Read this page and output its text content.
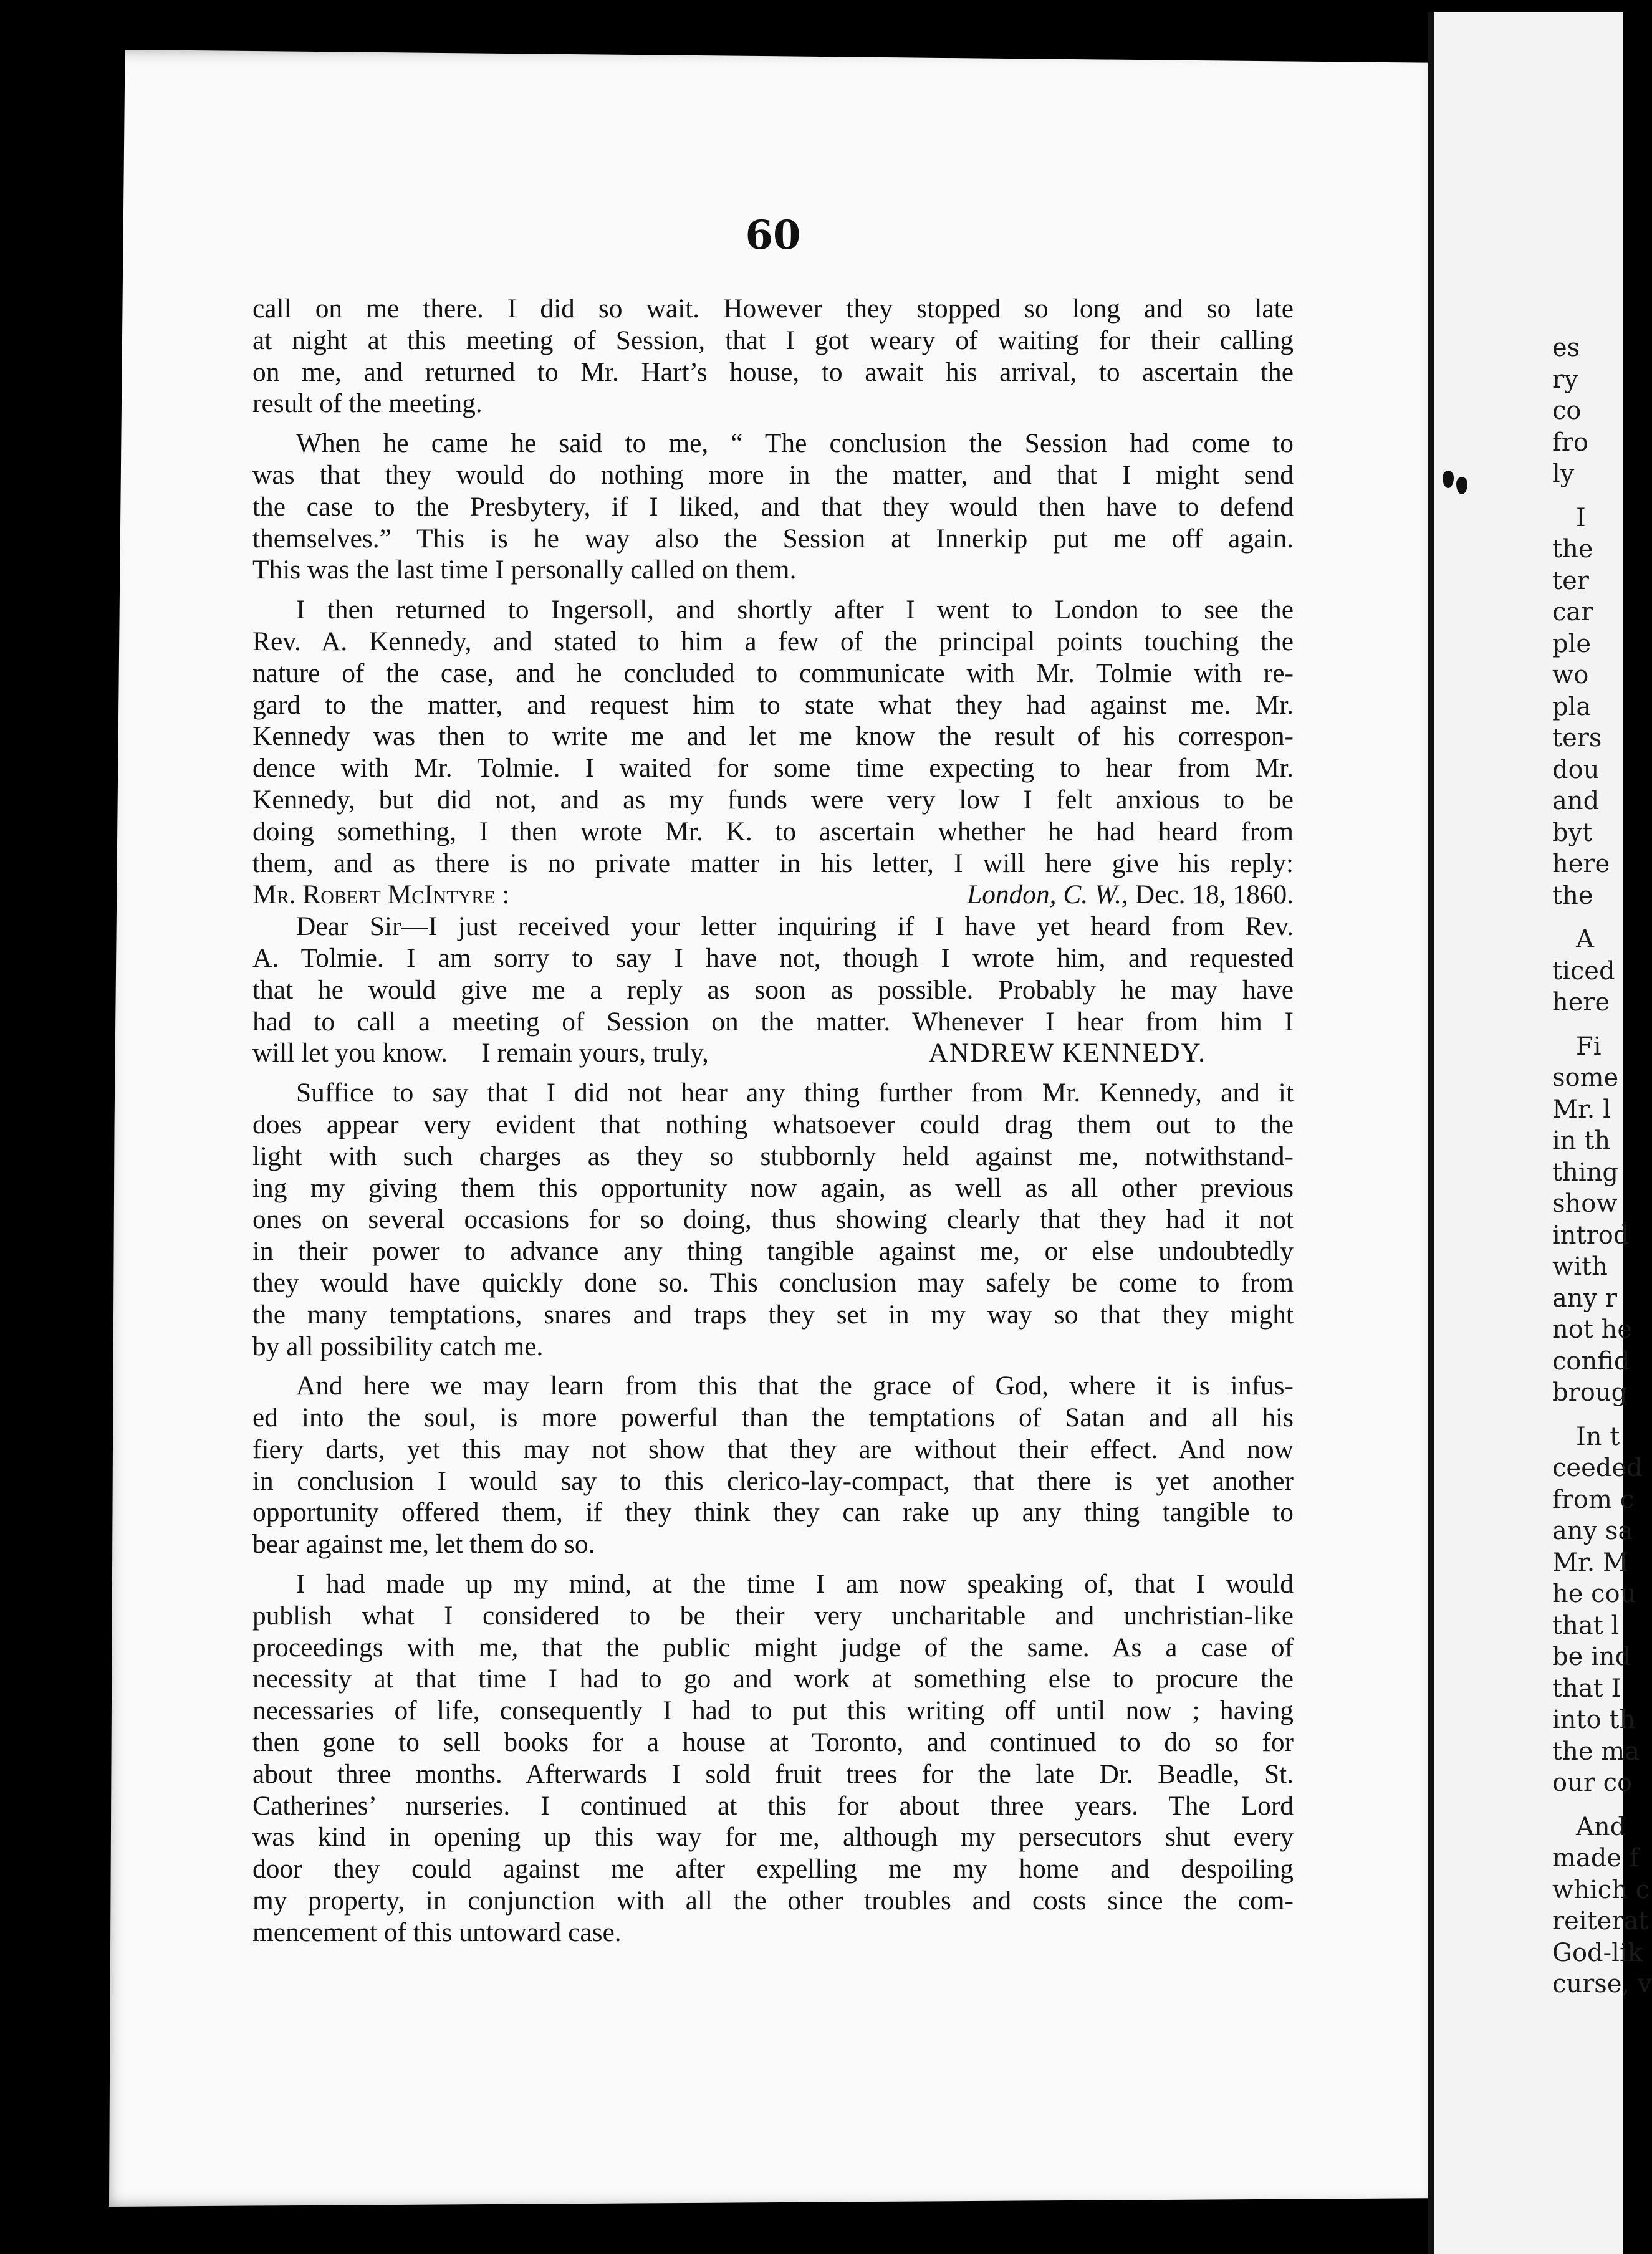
es
ry
co
fro
ly
I
the
ter
car
ple
wo
pla
ters
dou
and
byt
here
the
A
ticed
here
Fi
some
Mr. l
in th
thing
show
introd
with
any r
not he
confid
broug
In t
ceeded
from c
any sa
Mr. M
he cou
that l
be ind
that I
into th
the ma
our co
And
made f
which c
reiterat
God-lik
curse, v
60

call on me there. I did so wait. However they stopped so long and so late

at night at this meeting of Session, that I got weary of waiting for their calling

on me, and returned to Mr. Hart’s house, to await his arrival, to ascertain the

result of the meeting.

When he came he said to me, “ The conclusion the Session had come to

was that they would do nothing more in the matter, and that I might send

the case to the Presbytery, if I liked, and that they would then have to defend

themselves.” This is he way also the Session at Innerkip put me off again.

This was the last time I personally called on them.

I then returned to Ingersoll, and shortly after I went to London to see the

Rev. A. Kennedy, and stated to him a few of the principal points touching the

nature of the case, and he concluded to communicate with Mr. Tolmie with re-

gard to the matter, and request him to state what they had against me. Mr.

Kennedy was then to write me and let me know the result of his correspon-

dence with Mr. Tolmie. I waited for some time expecting to hear from Mr.

Kennedy, but did not, and as my funds were very low I felt anxious to be

doing something, I then wrote Mr. K. to ascertain whether he had heard from

them, and as there is no private matter in his letter, I will here give his reply:

Mr. Robert McIntyre :	London, C. W., Dec. 18, 1860.

Dear Sir—I just received your letter inquiring if I have yet heard from Rev.

A. Tolmie. I am sorry to say I have not, though I wrote him, and requested

that he would give me a reply as soon as possible. Probably he may have

had to call a meeting of Session on the matter. Whenever I hear from him I

will let you know.     I remain yours, truly,	ANDREW KENNEDY.

Suffice to say that I did not hear any thing further from Mr. Kennedy, and it

does appear very evident that nothing whatsoever could drag them out to the

light with such charges as they so stubbornly held against me, notwithstand-

ing my giving them this opportunity now again, as well as all other previous

ones on several occasions for so doing, thus showing clearly that they had it not

in their power to advance any thing tangible against me, or else undoubtedly

they would have quickly done so. This conclusion may safely be come to from

the many temptations, snares and traps they set in my way so that they might

by all possibility catch me.

And here we may learn from this that the grace of God, where it is infus-

ed into the soul, is more powerful than the temptations of Satan and all his

fiery darts, yet this may not show that they are without their effect. And now

in conclusion I would say to this clerico-lay-compact, that there is yet another

opportunity offered them, if they think they can rake up any thing tangible to

bear against me, let them do so.

I had made up my mind, at the time I am now speaking of, that I would

publish what I considered to be their very uncharitable and unchristian-like

proceedings with me, that the public might judge of the same. As a case of

necessity at that time I had to go and work at something else to procure the

necessaries of life, consequently I had to put this writing off until now ; having

then gone to sell books for a house at Toronto, and continued to do so for

about three months. Afterwards I sold fruit trees for the late Dr. Beadle, St.

Catherines’ nurseries. I continued at this for about three years. The Lord

was kind in opening up this way for me, although my persecutors shut every

door they could against me after expelling me my home and despoiling

my property, in conjunction with all the other troubles and costs since the com-

mencement of this untoward case.
